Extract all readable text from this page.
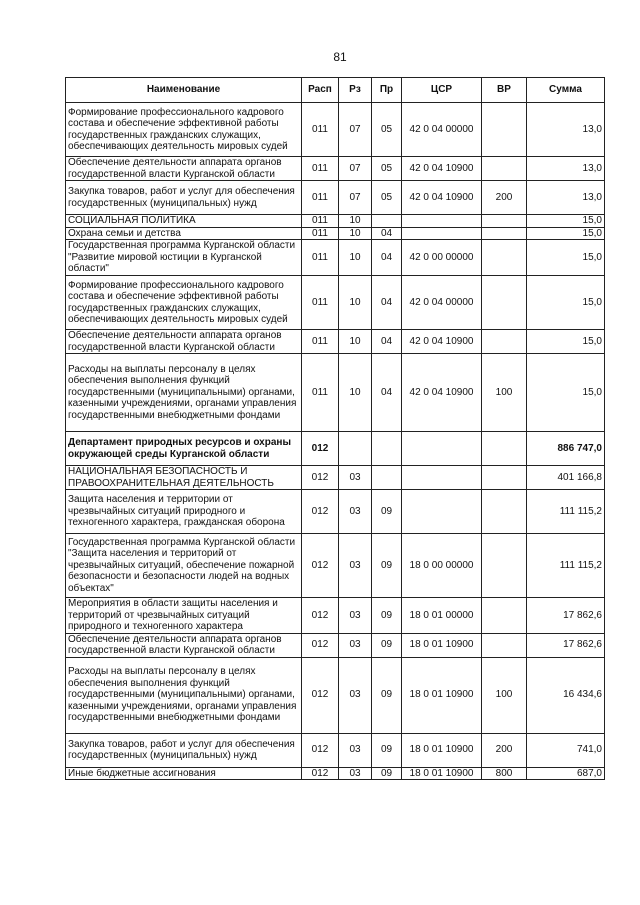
81
Наименование	Расп	Рз	Пр	ЦСР	ВР	Сумма
Формирование профессионального кадрового состава и обеспечение эффективной работы государственных гражданских служащих, обеспечивающих деятельность мировых судей	011	07	05	42 0 04 00000		13,0
Обеспечение деятельности аппарата органов государственной власти Курганской области	011	07	05	42 0 04 10900		13,0
Закупка товаров, работ и услуг для обеспечения государственных (муниципальных) нужд	011	07	05	42 0 04 10900	200	13,0
СОЦИАЛЬНАЯ ПОЛИТИКА	011	10				15,0
Охрана семьи и детства	011	10	04			15,0
Государственная программа Курганской области "Развитие мировой юстиции в Курганской области"	011	10	04	42 0 00 00000		15,0
Формирование профессионального кадрового состава и обеспечение эффективной работы государственных гражданских служащих, обеспечивающих деятельность мировых судей	011	10	04	42 0 04 00000		15,0
Обеспечение деятельности аппарата органов государственной власти Курганской области	011	10	04	42 0 04 10900		15,0
Расходы на выплаты персоналу в целях обеспечения выполнения функций государственными (муниципальными) органами, казенными учреждениями, органами управления государственными внебюджетными фондами	011	10	04	42 0 04 10900	100	15,0
Департамент природных ресурсов и охраны окружающей среды Курганской области	012					886 747,0
НАЦИОНАЛЬНАЯ БЕЗОПАСНОСТЬ И ПРАВООХРАНИТЕЛЬНАЯ ДЕЯТЕЛЬНОСТЬ	012	03				401 166,8
Защита населения и территории от чрезвычайных ситуаций природного и техногенного характера, гражданская оборона	012	03	09			111 115,2
Государственная программа Курганской области "Защита населения и территорий от чрезвычайных ситуаций, обеспечение пожарной безопасности и безопасности людей на водных объектах"	012	03	09	18 0 00 00000		111 115,2
Мероприятия в области защиты населения и территорий от чрезвычайных ситуаций природного и техногенного характера	012	03	09	18 0 01 00000		17 862,6
Обеспечение деятельности аппарата органов государственной власти Курганской области	012	03	09	18 0 01 10900		17 862,6
Расходы на выплаты персоналу в целях обеспечения выполнения функций государственными (муниципальными) органами, казенными учреждениями, органами управления государственными внебюджетными фондами	012	03	09	18 0 01 10900	100	16 434,6
Закупка товаров, работ и услуг для обеспечения государственных (муниципальных) нужд	012	03	09	18 0 01 10900	200	741,0
Иные бюджетные ассигнования	012	03	09	18 0 01 10900	800	687,0
